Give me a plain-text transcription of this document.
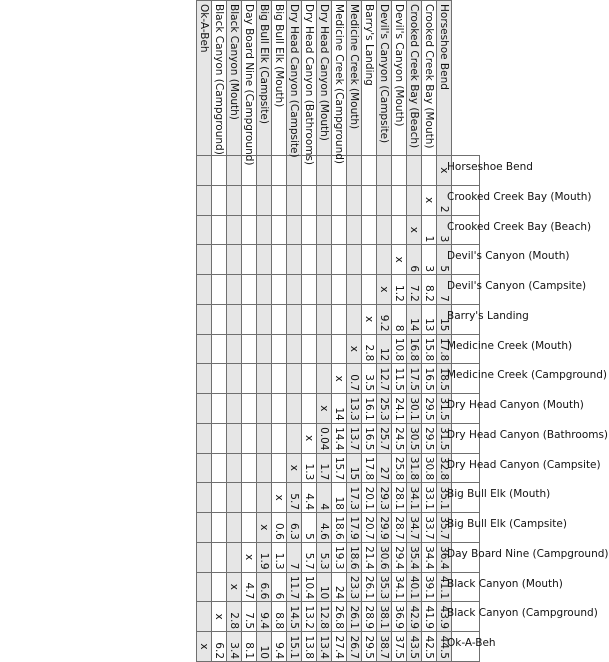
	Horseshoe Bend	Crooked Creek Bay (Mouth)	Crooked Creek Bay (Beach)	Devil's Canyon (Mouth)	Devil's Canyon (Campsite)	Barry's Landing	Medicine Creek (Mouth)	Medicine Creek (Campground)	Dry Head Canyon (Mouth)	Dry Head Canyon (Bathrooms)	Dry Head Canyon (Campsite)	Big Bull Elk (Mouth)	Big Bull Elk (Campsite)	Day Board Nine (Campground)	Black Canyon (Mouth)	Black Canyon (Campground)	Ok-A-Beh

Horseshoe Bend	x	2	3	5	7	15	17.8	18.5	31.5	31.5	32.8	35.1	35.7	36.4	41.1	43.9	44.5
Crooked Creek Bay (Mouth)		x	1	3	8.2	13	15.8	16.5	29.5	29.5	30.8	33.1	33.7	34.4	39.1	41.9	42.5
Crooked Creek Bay (Beach)			x	6	7.2	14	16.8	17.5	30.1	30.5	31.8	34.1	34.7	35.4	40.1	42.9	43.5
Devil's Canyon (Mouth)				x	1.2	8	10.8	11.5	24.1	24.5	25.8	28.1	28.7	29.4	34.1	36.9	37.5
Devil's Canyon (Campsite)					x	9.2	12	12.7	25.3	25.7	27	29.3	29.9	30.6	35.3	38.1	38.7
Barry's Landing						x	2.8	3.5	16.1	16.5	17.8	20.1	20.7	21.4	26.1	28.9	29.5
Medicine Creek (Mouth)							x	0.7	13.3	13.7	15	17.3	17.9	18.6	23.3	26.1	26.7
Medicine Creek (Campground)								x	14	14.4	15.7	18	18.6	19.3	24	26.8	27.4
Dry Head Canyon (Mouth)									x	0.04	1.7	4	4.6	5.3	10	12.8	13.4
Dry Head Canyon (Bathrooms)										x	1.3	4.4	5	5.7	10.4	13.2	13.8
Dry Head Canyon (Campsite)											x	5.7	6.3	7	11.7	14.5	15.1
Big Bull Elk (Mouth)												x	0.6	1.3	6	8.8	9.4
Big Bull Elk (Campsite)													x	1.9	6.6	9.4	10
Day Board Nine (Campground)														x	4.7	7.5	8.1
Black Canyon (Mouth)															x	2.8	3.4
Black Canyon (Campground)																x	6.2
Ok-A-Beh																	x
